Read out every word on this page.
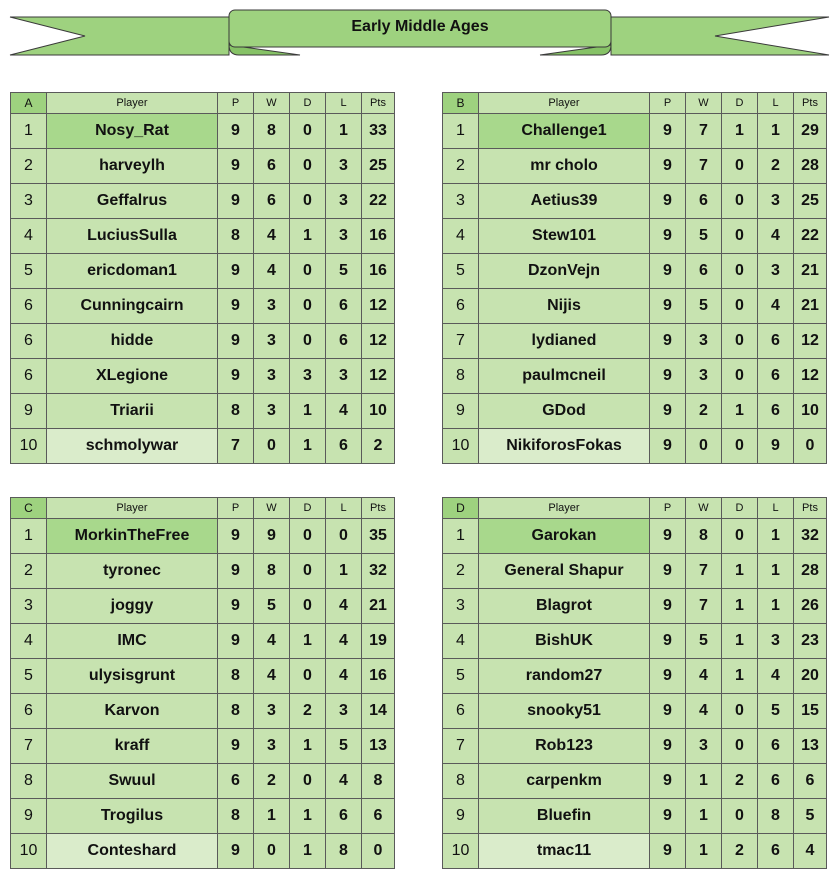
Early Middle Ages
A	Player	P	W	D	L	Pts
1	Nosy_Rat	9	8	0	1	33
2	harveylh	9	6	0	3	25
3	Geffalrus	9	6	0	3	22
4	LuciusSulla	8	4	1	3	16
5	ericdoman1	9	4	0	5	16
6	Cunningcairn	9	3	0	6	12
6	hidde	9	3	0	6	12
6	XLegione	9	3	3	3	12
9	Triarii	8	3	1	4	10
10	schmolywar	7	0	1	6	2
B	Player	P	W	D	L	Pts
1	Challenge1	9	7	1	1	29
2	mr cholo	9	7	0	2	28
3	Aetius39	9	6	0	3	25
4	Stew101	9	5	0	4	22
5	DzonVejn	9	6	0	3	21
6	Nijis	9	5	0	4	21
7	lydianed	9	3	0	6	12
8	paulmcneil	9	3	0	6	12
9	GDod	9	2	1	6	10
10	NikiforosFokas	9	0	0	9	0
C	Player	P	W	D	L	Pts
1	MorkinTheFree	9	9	0	0	35
2	tyronec	9	8	0	1	32
3	joggy	9	5	0	4	21
4	IMC	9	4	1	4	19
5	ulysisgrunt	8	4	0	4	16
6	Karvon	8	3	2	3	14
7	kraff	9	3	1	5	13
8	Swuul	6	2	0	4	8
9	Trogilus	8	1	1	6	6
10	Conteshard	9	0	1	8	0
D	Player	P	W	D	L	Pts
1	Garokan	9	8	0	1	32
2	General Shapur	9	7	1	1	28
3	Blagrot	9	7	1	1	26
4	BishUK	9	5	1	3	23
5	random27	9	4	1	4	20
6	snooky51	9	4	0	5	15
7	Rob123	9	3	0	6	13
8	carpenkm	9	1	2	6	6
9	Bluefin	9	1	0	8	5
10	tmac11	9	1	2	6	4
